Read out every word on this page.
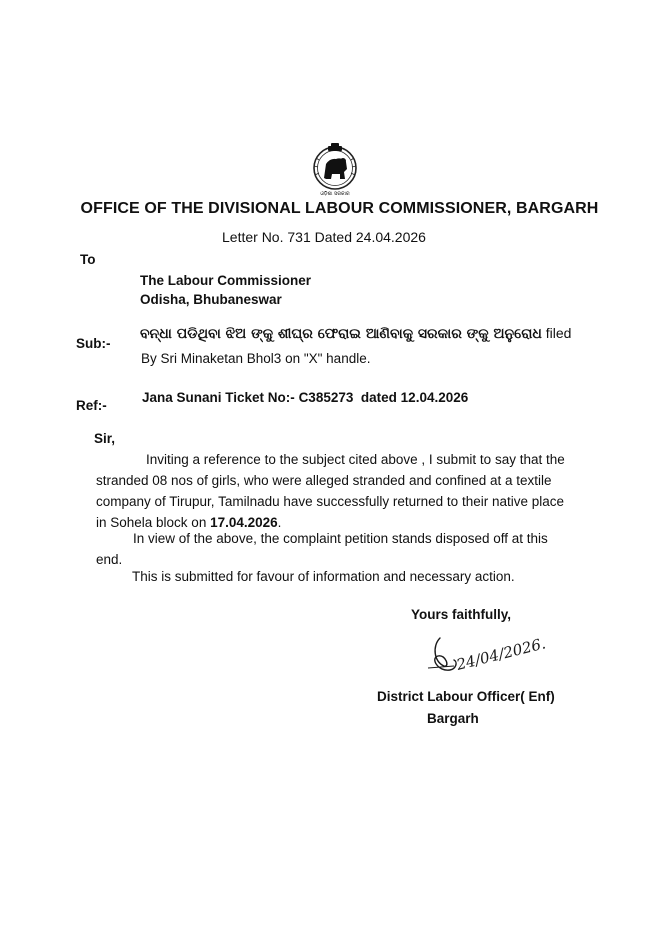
ଓଡ଼ିଶା ସରକାର
OFFICE OF THE DIVISIONAL LABOUR COMMISSIONER, BARGARH
Letter No. 731 Dated 24.04.2026
To
The Labour Commissioner
Odisha, Bhubaneswar
Sub:-
ବନ୍ଧା ପଡିଥିବା ଝିଅ ଙ୍କୁ ଶୀଘ୍ର ଫେରାଇ ଆଣିବାକୁ ସରକାର ଙ୍କୁ ଅନୁରୋଧ filed
By Sri Minaketan Bhol3 on "X" handle.
Ref:-
Jana Sunani Ticket No:- C385273 dated 12.04.2026
Sir,
Inviting a reference to the subject cited above , I submit to say that the
stranded 08 nos of girls, who were alleged stranded and confined at a textile
company of Tirupur, Tamilnadu have successfully returned to their native place
in Sohela block on 17.04.2026.
In view of the above, the complaint petition stands disposed off at this
end.
This is submitted for favour of information and necessary action.
Yours faithfully,
24/04/2026.
District Labour Officer( Enf)
Bargarh
